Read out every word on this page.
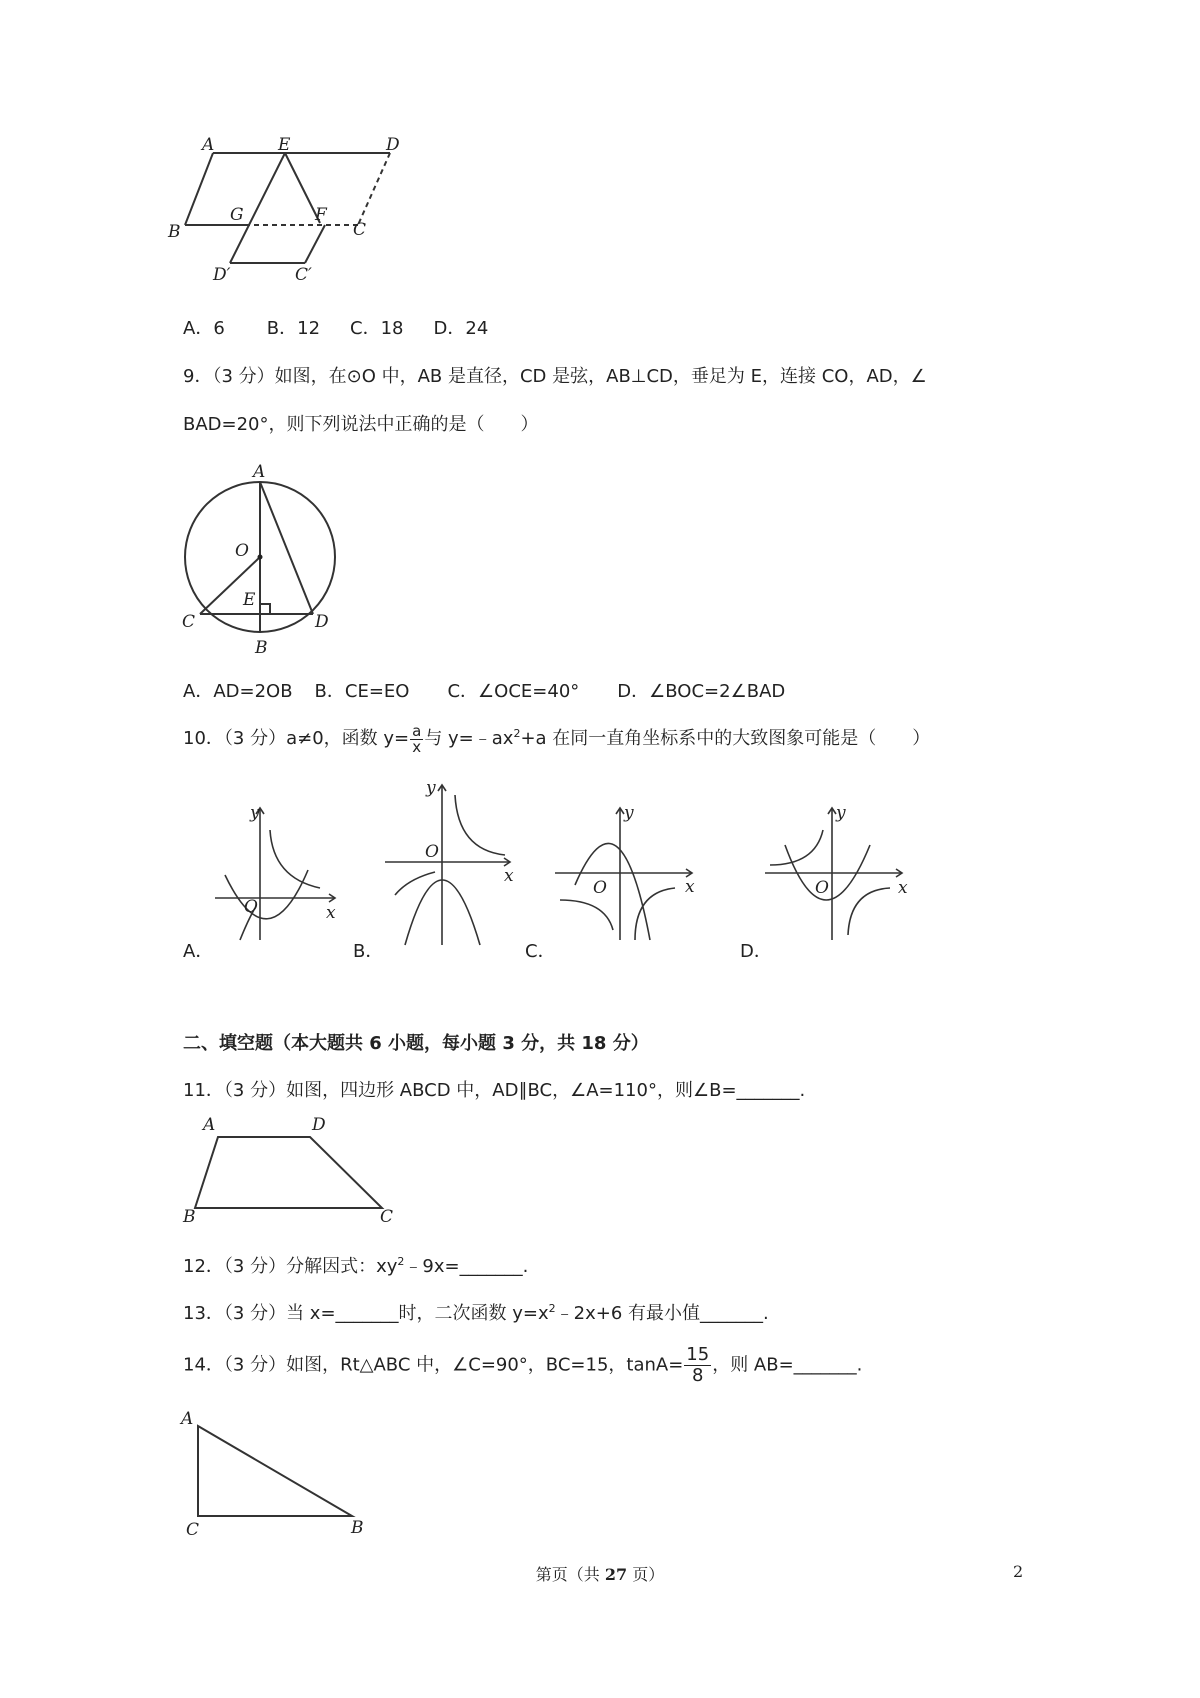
A	E	D
B
G	F
C
D′	C′
A．6 B．12 C．18 D．24
9．（3 分）如图，在⊙O 中，AB 是直径，CD 是弦，AB⊥CD，垂足为 E，连接 CO，AD，∠
BAD=20°，则下列说法中正确的是（　　）
A
O
E
C	D
B
A．AD=2OB B．CE=EO C．∠OCE=40° D．∠BOC=2∠BAD
10．（3 分）a≠0，函数 $y= \frac{a}{x}$ 与 $y=﹣ax^2+a$ 在同一直角坐标系中的大致图象可能是（　　）
y
x
O
y
x
O
y
x
O
y
x
O
A．	B．	C．	D．
二、填空题（本大题共 6 小题，每小题 3 分，共 18 分）
11．（3 分）如图，四边形 ABCD 中，AD∥BC，∠A=110°，则∠B=_______.
A	D
B	C
12．（3 分）分解因式：$xy^2﹣9x=\_\_\_\_\_\_\_$.
13．（3 分）当 x=_______时，二次函数 $y=x^2﹣2x+6$ 有最小值_______.
14．（3 分）如图，Rt△ABC 中，∠C=90°，BC=15，$\tan A= \frac{15}{8}$ ，则 AB=_______.
A
C	B
第页（共 27 页）	2
